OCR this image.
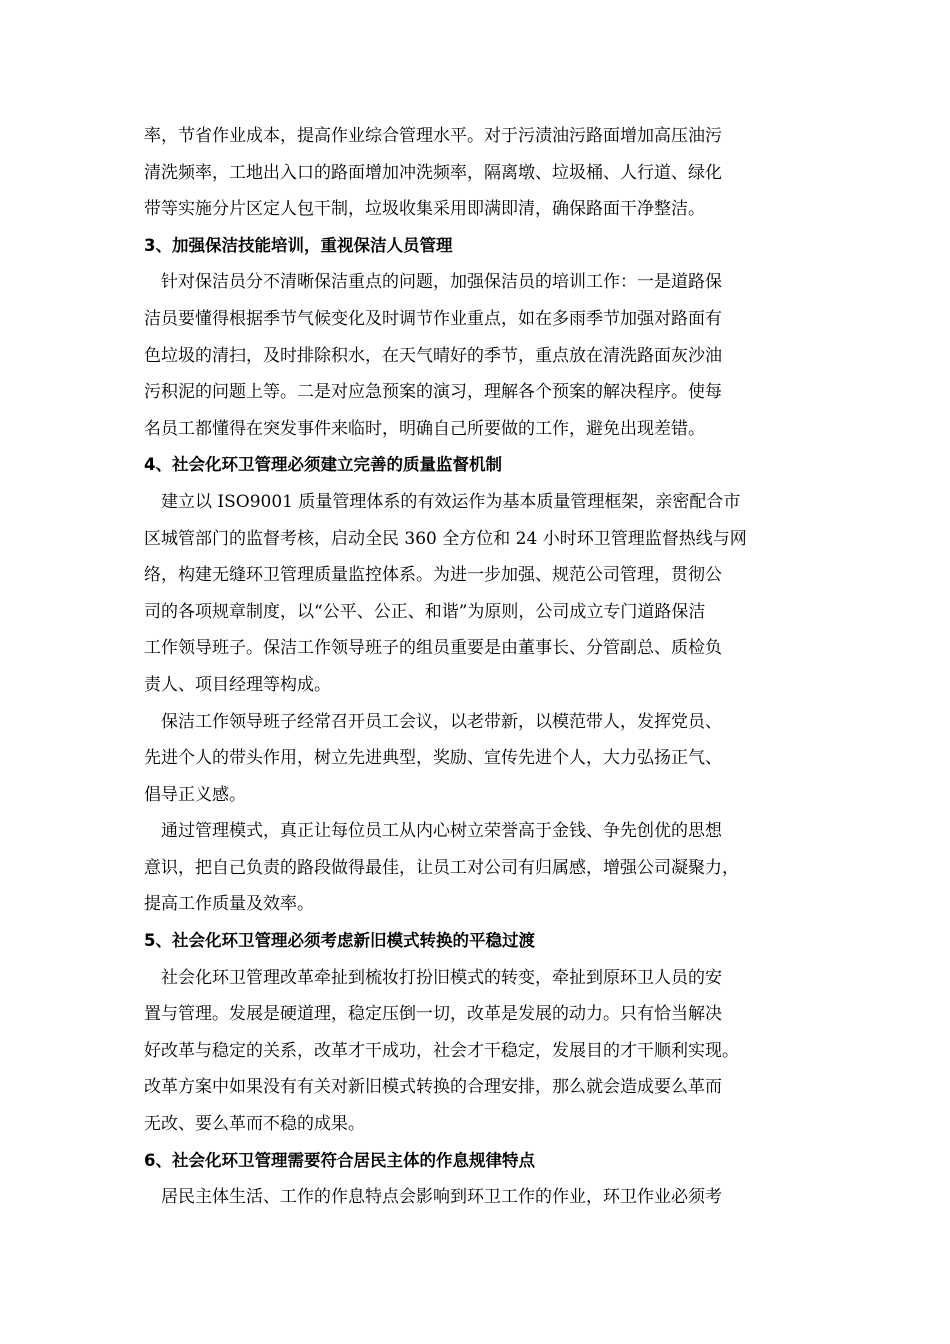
率，节省作业成本，提高作业综合管理水平。对于污渍油污路面增加高压油污
清洗频率，工地出入口的路面增加冲洗频率，隔离墩、垃圾桶、人行道、绿化
带等实施分片区定人包干制，垃圾收集采用即满即清，确保路面干净整洁。
3、加强保洁技能培训，重视保洁人员管理
针对保洁员分不清晰保洁重点的问题，加强保洁员的培训工作：一是道路保
洁员要懂得根据季节气候变化及时调节作业重点，如在多雨季节加强对路面有
色垃圾的清扫，及时排除积水，在天气晴好的季节，重点放在清洗路面灰沙油
污积泥的问题上等。二是对应急预案的演习，理解各个预案的解决程序。使每
名员工都懂得在突发事件来临时，明确自己所要做的工作，避免出现差错。
4、社会化环卫管理必须建立完善的质量监督机制
建立以 ISO9001 质量管理体系的有效运作为基本质量管理框架，亲密配合市
区城管部门的监督考核，启动全民 360 全方位和 24 小时环卫管理监督热线与网
络，构建无缝环卫管理质量监控体系。为进一步加强、规范公司管理，贯彻公
司的各项规章制度，以“公平、公正、和谐”为原则，公司成立专门道路保洁
工作领导班子。保洁工作领导班子的组员重要是由董事长、分管副总、质检负
责人、项目经理等构成。
保洁工作领导班子经常召开员工会议，以老带新，以模范带人，发挥党员、
先进个人的带头作用，树立先进典型，奖励、宣传先进个人，大力弘扬正气、
倡导正义感。
通过管理模式，真正让每位员工从内心树立荣誉高于金钱、争先创优的思想
意识，把自己负责的路段做得最佳，让员工对公司有归属感，增强公司凝聚力，
提高工作质量及效率。
5、社会化环卫管理必须考虑新旧模式转换的平稳过渡
社会化环卫管理改革牵扯到梳妆打扮旧模式的转变，牵扯到原环卫人员的安
置与管理。发展是硬道理，稳定压倒一切，改革是发展的动力。只有恰当解决
好改革与稳定的关系，改革才干成功，社会才干稳定，发展目的才干顺利实现。
改革方案中如果没有有关对新旧模式转换的合理安排，那么就会造成要么革而
无改、要么革而不稳的成果。
6、社会化环卫管理需要符合居民主体的作息规律特点
居民主体生活、工作的作息特点会影响到环卫工作的作业，环卫作业必须考
